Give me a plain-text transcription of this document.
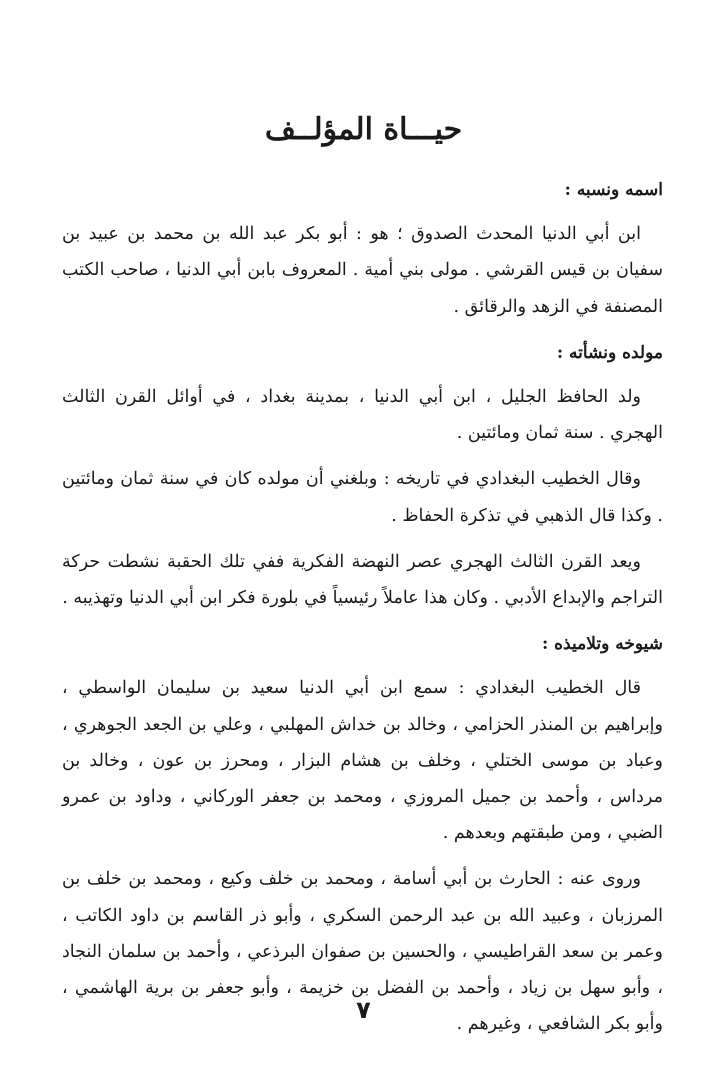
حيـــاة المؤلــف
اسمه ونسبه :

ابن أبي الدنيا المحدث الصدوق ؛ هو : أبو بكر عبد الله بن محمد بن عبيد بن سفيان بن قيس القرشي . مولى بني أمية . المعروف بابن أبي الدنيا ، صاحب الكتب المصنفة في الزهد والرقائق .

مولده ونشأته :

ولد الحافظ الجليل ، ابن أبي الدنيا ، بمدينة بغداد ، في أوائل القرن الثالث الهجري . سنة ثمان ومائتين .

وقال الخطيب البغدادي في تاريخه : وبلغني أن مولده كان في سنة ثمان ومائتين . وكذا قال الذهبي في تذكرة الحفاظ .

ويعد القرن الثالث الهجري عصر النهضة الفكرية ففي تلك الحقبة نشطت حركة التراجم والإبداع الأدبي . وكان هذا عاملاً رئيسياً في بلورة فكر ابن أبي الدنيا وتهذيبه .

شيوخه وتلاميذه :

قال الخطيب البغدادي : سمع ابن أبي الدنيا سعيد بن سليمان الواسطي ، وإبراهيم بن المنذر الحزامي ، وخالد بن خداش المهلبي ، وعلي بن الجعد الجوهري ، وعباد بن موسى الختلي ، وخلف بن هشام البزار ، ومحرز بن عون ، وخالد بن مرداس ، وأحمد بن جميل المروزي ، ومحمد بن جعفر الوركاني ، وداود بن عمرو الضبي ، ومن طبقتهم وبعدهم .

وروى عنه : الحارث بن أبي أسامة ، ومحمد بن خلف وكيع ، ومحمد بن خلف بن المرزبان ، وعبيد الله بن عبد الرحمن السكري ، وأبو ذر القاسم بن داود الكاتب ، وعمر بن سعد القراطيسي ، والحسين بن صفوان البرذعي ، وأحمد بن سلمان النجاد ، وأبو سهل بن زياد ، وأحمد بن الفضل بن خزيمة ، وأبو جعفر بن برية الهاشمي ، وأبو بكر الشافعي ، وغيرهم .

٧
